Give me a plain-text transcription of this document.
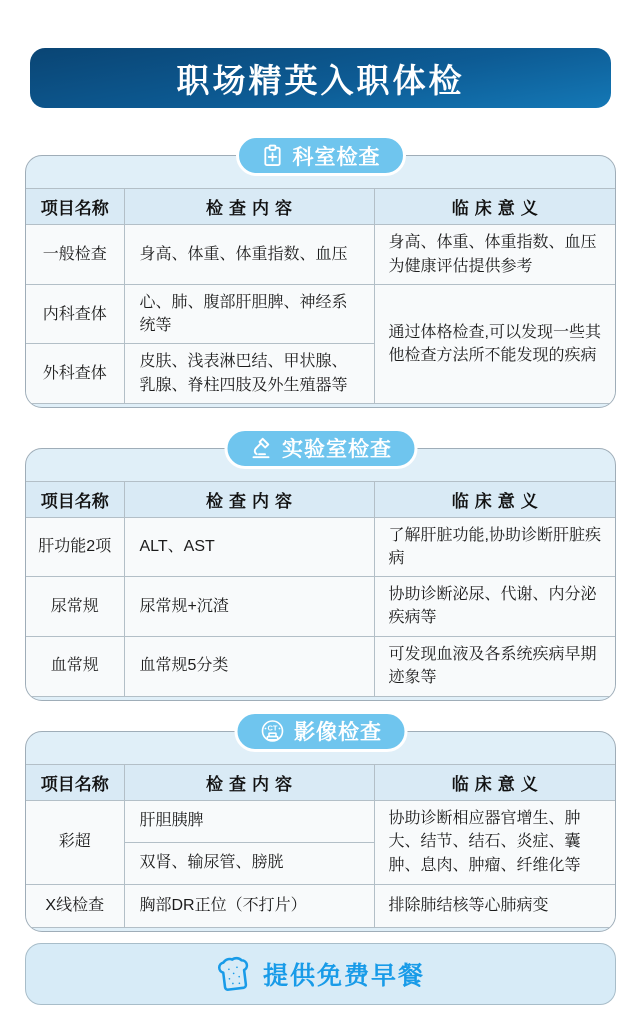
职场精英入职体检
科室检查
项目名称	检查内容	临床意义
一般检查	身高、体重、体重指数、血压	身高、体重、体重指数、血压 为健康评估提供参考
内科查体	心、肺、腹部肝胆脾、神经系统等	通过体格检查,可以发现一些其他检查方法所不能发现的疾病
外科查体	皮肤、浅表淋巴结、甲状腺、乳腺、脊柱四肢及外生殖器等	
实验室检查
项目名称	检查内容	临床意义
肝功能2项	ALT、AST	了解肝脏功能,协助诊断肝脏疾病
尿常规	尿常规+沉渣	协助诊断泌尿、代谢、内分泌疾病等
血常规	血常规5分类	可发现血液及各系统疾病早期迹象等
CT 影像检查
项目名称	检查内容	临床意义
彩超	肝胆胰脾	协助诊断相应器官增生、肿大、结节、结石、炎症、囊肿、息肉、肿瘤、纤维化等
	双肾、输尿管、膀胱	
X线检查	胸部DR正位（不打片）	排除肺结核等心肺病变
提供免费早餐
